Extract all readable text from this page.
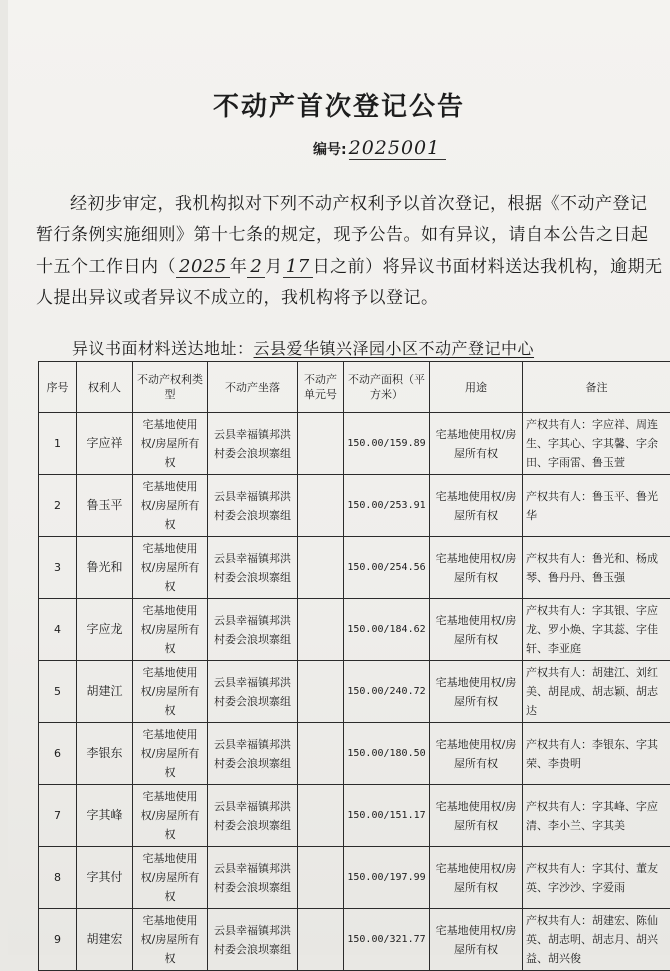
不动产首次登记公告
编号: 2025001

经初步审定，我机构拟对下列不动产权利予以首次登记，根据《不动产登记

暂行条例实施细则》第十七条的规定，现予公告。如有异议，请自本公告之日起

十五个工作日内（ 2025 年 2 月 17 日之前）将异议书面材料送达我机构，逾期无

人提出异议或者异议不成立的，我机构将予以登记。

异议书面材料送达地址：云县爱华镇兴泽园小区不动产登记中心
序号	权利人	不动产权利类型	不动产坐落	不动产单元号	不动产面积（平方米）	用途	备注
1	字应祥	宅基地使用权/房屋所有权	云县幸福镇邦洪村委会浪坝寨组		150.00/159.89	宅基地使用权/房屋所有权	产权共有人：字应祥、周连生、字其心、字其馨、字余田、字雨雷、鲁玉萱
2	鲁玉平	宅基地使用权/房屋所有权	云县幸福镇邦洪村委会浪坝寨组		150.00/253.91	宅基地使用权/房屋所有权	产权共有人：鲁玉平、鲁光华
3	鲁光和	宅基地使用权/房屋所有权	云县幸福镇邦洪村委会浪坝寨组		150.00/254.56	宅基地使用权/房屋所有权	产权共有人：鲁光和、杨成琴、鲁丹丹、鲁玉强
4	字应龙	宅基地使用权/房屋所有权	云县幸福镇邦洪村委会浪坝寨组		150.00/184.62	宅基地使用权/房屋所有权	产权共有人：字其银、字应龙、罗小焕、字其蕊、字佳轩、李亚庭
5	胡建江	宅基地使用权/房屋所有权	云县幸福镇邦洪村委会浪坝寨组		150.00/240.72	宅基地使用权/房屋所有权	产权共有人：胡建江、刘红美、胡昆成、胡志颖、胡志达
6	李银东	宅基地使用权/房屋所有权	云县幸福镇邦洪村委会浪坝寨组		150.00/180.50	宅基地使用权/房屋所有权	产权共有人：李银东、字其荣、李贵明
7	字其峰	宅基地使用权/房屋所有权	云县幸福镇邦洪村委会浪坝寨组		150.00/151.17	宅基地使用权/房屋所有权	产权共有人：字其峰、字应清、李小兰、字其美
8	字其付	宅基地使用权/房屋所有权	云县幸福镇邦洪村委会浪坝寨组		150.00/197.99	宅基地使用权/房屋所有权	产权共有人：字其付、董友英、字沙沙、字爱雨
9	胡建宏	宅基地使用权/房屋所有权	云县幸福镇邦洪村委会浪坝寨组		150.00/321.77	宅基地使用权/房屋所有权	产权共有人：胡建宏、陈仙英、胡志明、胡志月、胡兴益、胡兴俊
